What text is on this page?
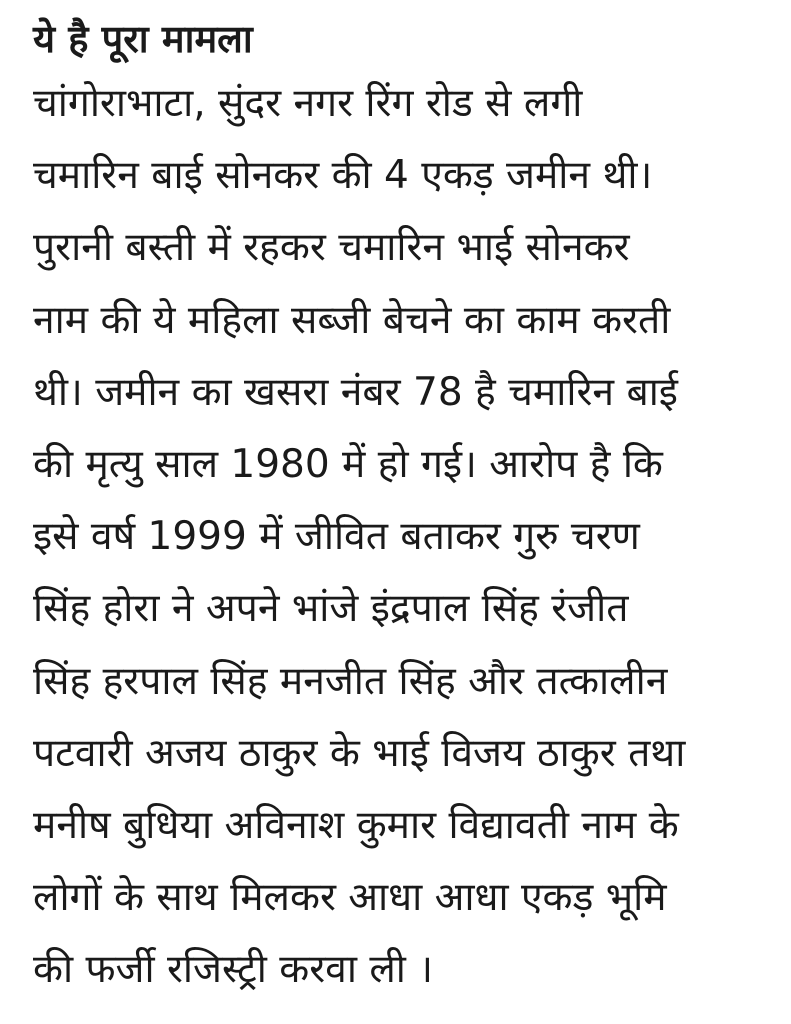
ये है पूरा मामला
चांगोराभाटा, सुंदर नगर रिंग रोड से लगी
चमारिन बाई सोनकर की 4 एकड़ जमीन थी।
पुरानी बस्ती में रहकर चमारिन भाई सोनकर
नाम की ये महिला सब्जी बेचने का काम करती
थी। जमीन का खसरा नंबर 78 है चमारिन बाई
की मृत्यु साल 1980 में हो गई। आरोप है कि
इसे वर्ष 1999 में जीवित बताकर गुरु चरण
सिंह होरा ने अपने भांजे इंद्रपाल सिंह रंजीत
सिंह हरपाल सिंह मनजीत सिंह और तत्कालीन
पटवारी अजय ठाकुर के भाई विजय ठाकुर तथा
मनीष बुधिया अविनाश कुमार विद्यावती नाम के
लोगों के साथ मिलकर आधा आधा एकड़ भूमि
की फर्जी रजिस्ट्री करवा ली ।
